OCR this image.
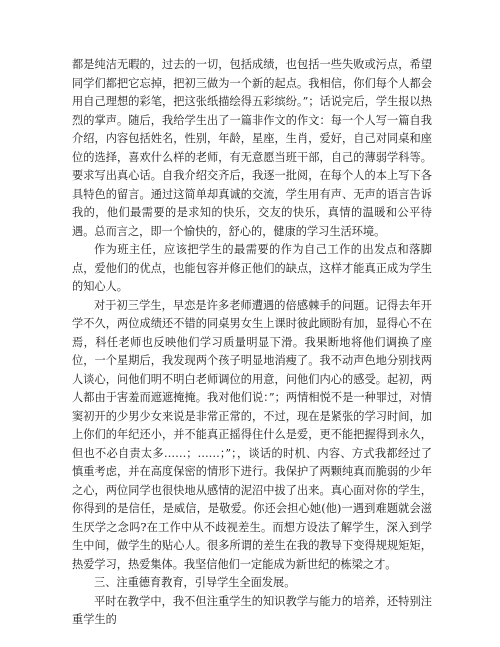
都是纯洁无暇的，过去的一切，包括成绩，也包括一些失败或污点，希望同学们都把它忘掉，把初三做为一个新的起点。我相信，你们每个人都会用自己理想的彩笔，把这张纸描绘得五彩缤纷。”；话说完后，学生报以热烈的掌声。随后，我给学生出了一篇非作文的作文：每一个人写一篇自我介绍，内容包括姓名，性别，年龄，星座，生肖，爱好，自己对同桌和座位的选择，喜欢什么样的老师，有无意愿当班干部，自己的薄弱学科等。要求写出真心话。自我介绍交齐后，我逐一批阅，在每个人的本上写下各具特色的留言。通过这简单却真诚的交流，学生用有声、无声的语言告诉我的，他们最需要的是求知的快乐，交友的快乐，真情的温暖和公平待遇。总而言之，即一个愉快的，舒心的，健康的学习生活环境。

作为班主任，应该把学生的最需要的作为自己工作的出发点和落脚点，爱他们的优点，也能包容并修正他们的缺点，这样才能真正成为学生的知心人。

对于初三学生，早恋是许多老师遭遇的倍感棘手的问题。记得去年开学不久，两位成绩还不错的同桌男女生上课时彼此顾盼有加，显得心不在焉，科任老师也反映他们学习质量明显下滑。我果断地将他们调换了座位，一个星期后，我发现两个孩子明显地消瘦了。我不动声色地分别找两人谈心，问他们明不明白老师调位的用意，问他们内心的感受。起初，两人都由于害羞而遮遮掩掩。我对他们说：”；两情相悦不是一种罪过，对情窦初开的少男少女来说是非常正常的，不过，现在是紧张的学习时间，加上你们的年纪还小，并不能真正摇得住什么是爱，更不能把握得到永久，但也不必自责太多……；……；”；，谈话的时机、内容、方式我都经过了慎重考虑，并在高度保密的情形下进行。我保护了两颗纯真而脆弱的少年之心，两位同学也很快地从感情的泥沼中拔了出来。真心面对你的学生，你得到的是信任，是威信，是敬爱。你还会担心她(他)一遇到难题就会滋生厌学之念吗?在工作中从不歧视差生。而想方设法了解学生，深入到学生中间，做学生的贴心人。很多所谓的差生在我的教导下变得规规矩矩，热爱学习，热爱集体。我坚信他们一定能成为新世纪的栋梁之才。

三、注重德育教育，引导学生全面发展。

平时在教学中，我不但注重学生的知识教学与能力的培养，还特别注重学生的
